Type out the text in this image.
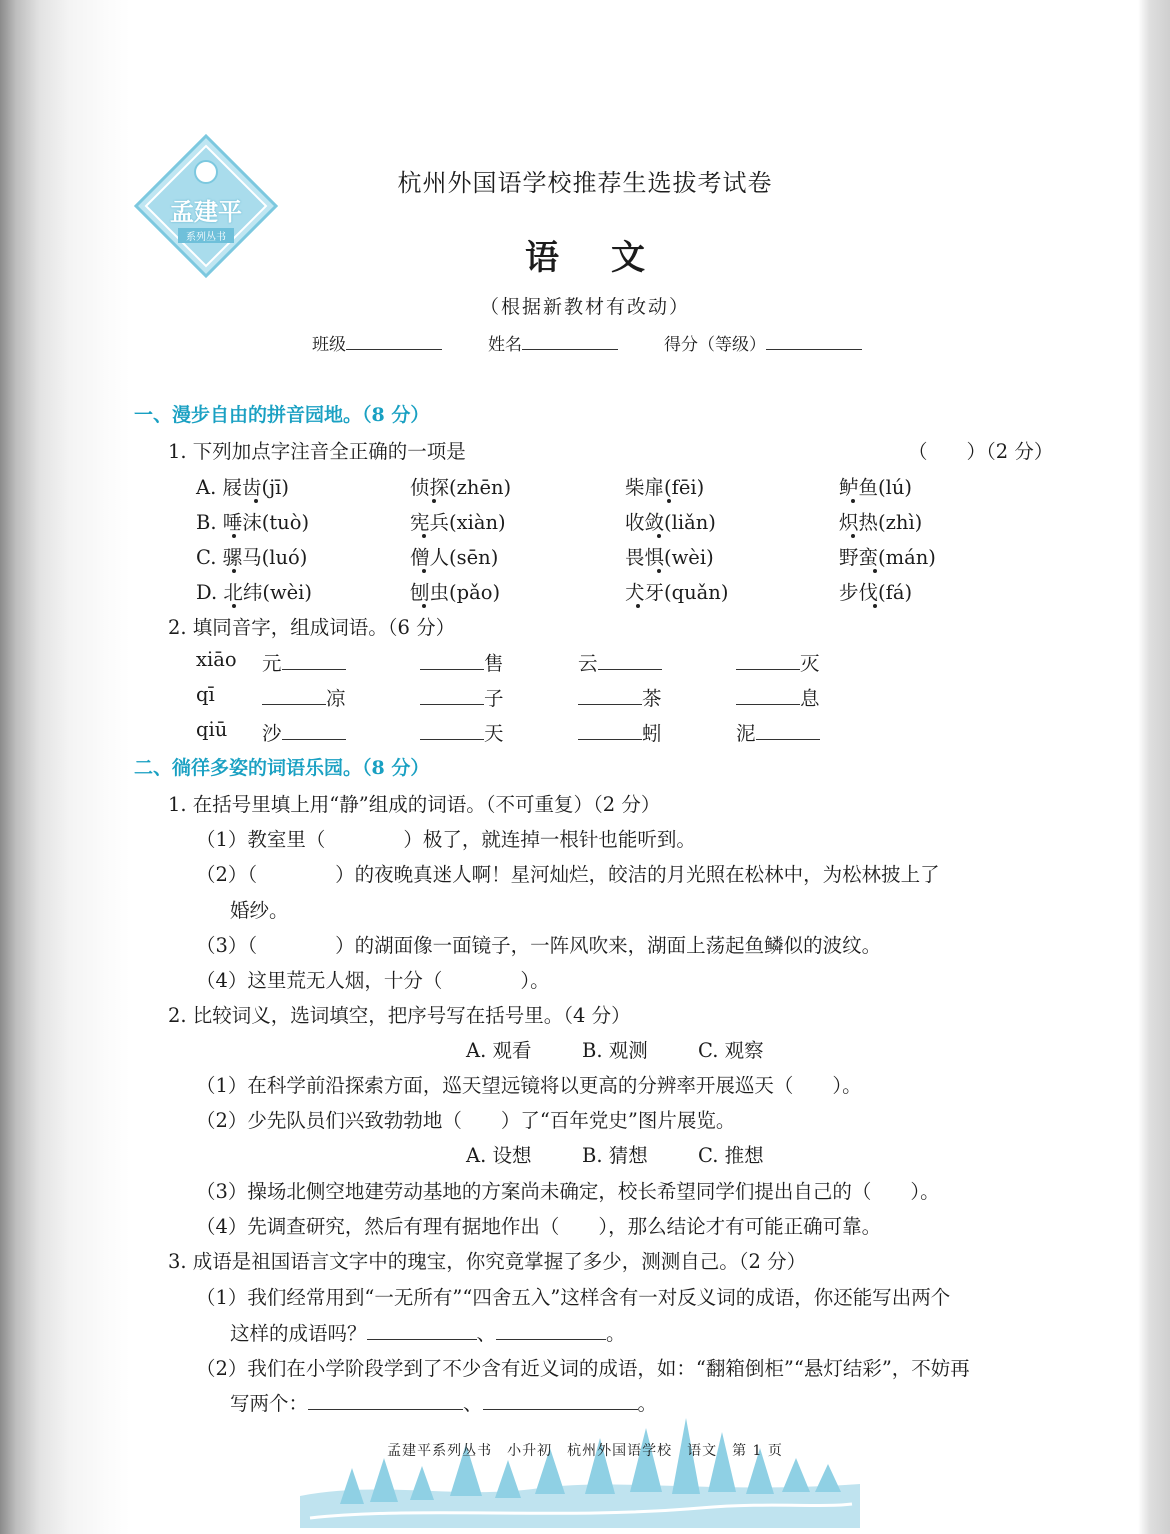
孟建平
系列丛书
杭州外国语学校推荐生选拔考试卷
语文
（根据新教材有改动）
班级	姓名	得分（等级）
一、漫步自由的拼音园地。（8 分）
1. 下列加点字注音全正确的一项是	（　　）（2 分）
A. 屐齿(jī)	侦探(zhēn)	柴扉(fēi)	鲈鱼(lú)
B. 唾沫(tuò)	宪兵(xiàn)	收敛(liǎn)	炽热(zhì)
C. 骡马(luó)	僧人(sēn)	畏惧(wèi)	野蛮(mán)
D. 北纬(wèi)	刨虫(pǎo)	犬牙(quǎn)	步伐(fá)
2. 填同音字，组成词语。（6 分）
xiāo 元	售	云	灭
qī	凉	子	茶	息
qiū 沙	天	蚓	泥
二、徜徉多姿的词语乐园。（8 分）
1. 在括号里填上用“静”组成的词语。（不可重复）（2 分）
（1）教室里（　　　　）极了，就连掉一根针也能听到。
（2）（　　　　）的夜晚真迷人啊！星河灿烂，皎洁的月光照在松林中，为松林披上了
婚纱。
（3）（　　　　）的湖面像一面镜子，一阵风吹来，湖面上荡起鱼鳞似的波纹。
（4）这里荒无人烟，十分（　　　　）。
2. 比较词义，选词填空，把序号写在括号里。（4 分）
A. 观看	B. 观测	C. 观察
（1）在科学前沿探索方面，巡天望远镜将以更高的分辨率开展巡天（　　）。
（2）少先队员们兴致勃勃地（　　）了“百年党史”图片展览。
A. 设想	B. 猜想	C. 推想
（3）操场北侧空地建劳动基地的方案尚未确定，校长希望同学们提出自己的（　　）。
（4）先调查研究，然后有理有据地作出（　　），那么结论才有可能正确可靠。
3. 成语是祖国语言文字中的瑰宝，你究竟掌握了多少，测测自己。（2 分）
（1）我们经常用到“一无所有”“四舍五入”这样含有一对反义词的成语，你还能写出两个
这样的成语吗？	、	。
（2）我们在小学阶段学到了不少含有近义词的成语，如：“翻箱倒柜”“悬灯结彩”，不妨再
写两个：	、	。
孟建平系列丛书　小升初　杭州外国语学校　语文　第 1 页
